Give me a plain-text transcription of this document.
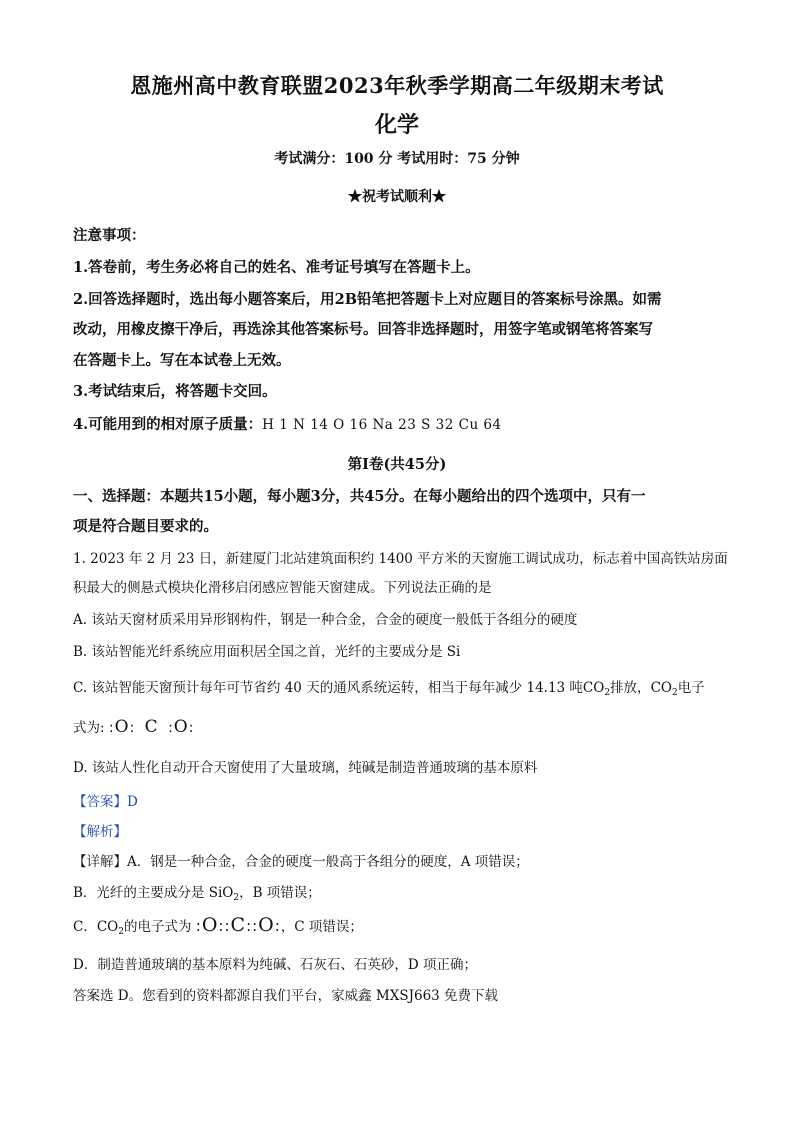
恩施州高中教育联盟2023年秋季学期高二年级期末考试
化学
考试满分：100 分 考试用时：75 分钟
★祝考试顺利★
注意事项：
1.答卷前，考生务必将自己的姓名、准考证号填写在答题卡上。
2.回答选择题时，选出每小题答案后，用2B铅笔把答题卡上对应题目的答案标号涂黑。如需
改动，用橡皮擦干净后，再选涂其他答案标号。回答非选择题时，用签字笔或钢笔将答案写
在答题卡上。写在本试卷上无效。
3.考试结束后，将答题卡交回。
4.可能用到的相对原子质量：H 1 N 14 O 16 Na 23 S 32 Cu 64
第Ⅰ卷(共45分)
一、选择题：本题共15小题，每小题3分，共45分。在每小题给出的四个选项中，只有一
项是符合题目要求的。
1. 2023 年 2 月 23 日，新建厦门北站建筑面积约 1400 平方米的天窗施工调试成功，标志着中国高铁站房面
积最大的侧悬式模块化滑移启闭感应智能天窗建成。下列说法正确的是
A. 该站天窗材质采用异形钢构件，钢是一种合金，合金的硬度一般低于各组分的硬度
B. 该站智能光纤系统应用面积居全国之首，光纤的主要成分是 Si
C. 该站智能天窗预计每年可节省约 40 天的通风系统运转，相当于每年减少 14.13 吨$CO_2$排放，$CO_2$电子
式为: :O: C :O:
D. 该站人性化自动开合天窗使用了大量玻璃，纯碱是制造普通玻璃的基本原料
【答案】D
【解析】
【详解】A．钢是一种合金，合金的硬度一般高于各组分的硬度，A 项错误；
B．光纤的主要成分是 SiO$_2$，B 项错误；
C．$CO_2$的电子式为 :O::C::O:，C 项错误；
D．制造普通玻璃的基本原料为纯碱、石灰石、石英砂，D 项正确；
答案选 D。您看到的资料都源自我们平台，家威鑫 MXSJ663 免费下载
